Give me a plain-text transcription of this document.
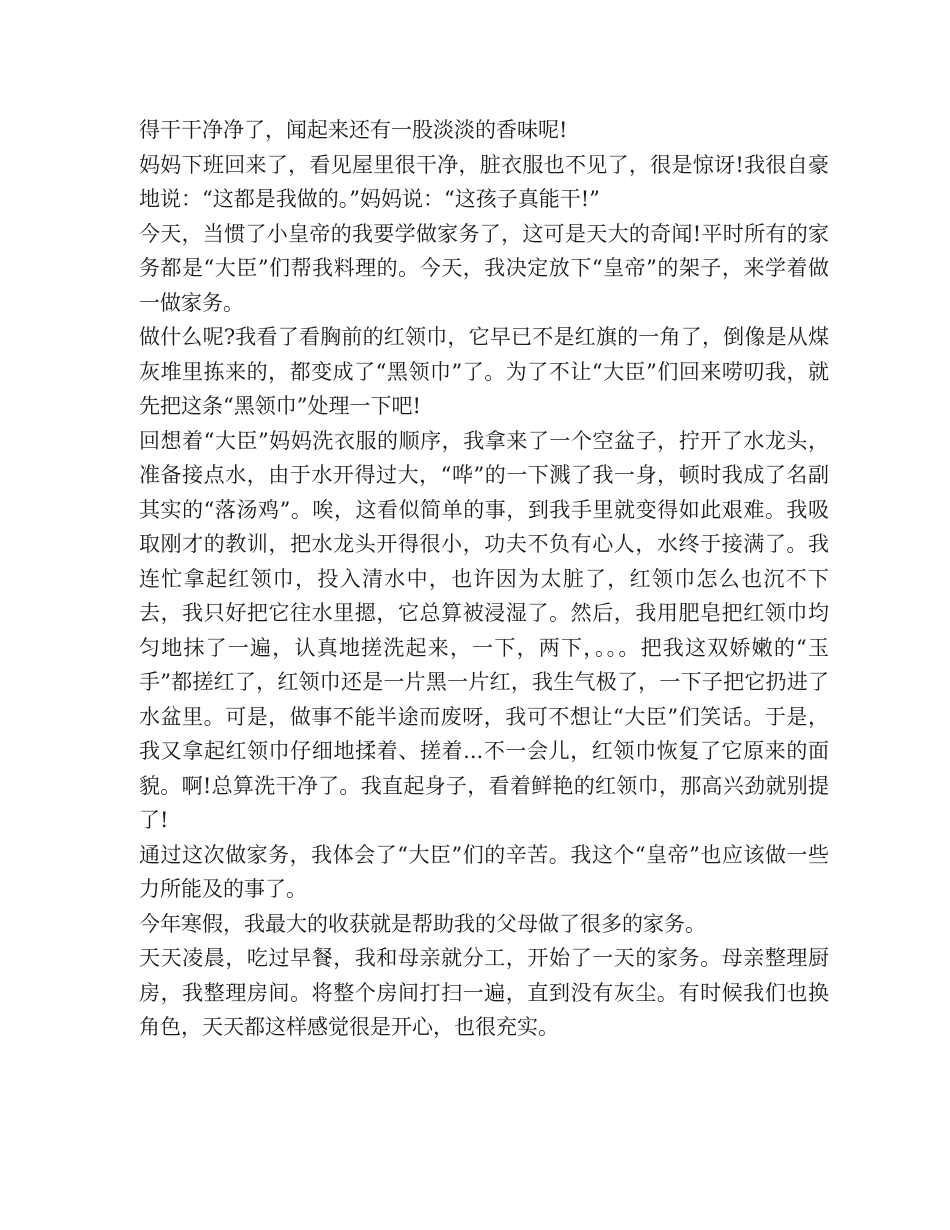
得干干净净了，闻起来还有一股淡淡的香味呢!

妈妈下班回来了，看见屋里很干净，脏衣服也不见了，很是惊讶!我很自豪地说：“这都是我做的。”妈妈说：“这孩子真能干!”

今天，当惯了小皇帝的我要学做家务了，这可是天大的奇闻!平时所有的家务都是“大臣”们帮我料理的。今天，我决定放下“皇帝”的架子，来学着做一做家务。

做什么呢?我看了看胸前的红领巾，它早已不是红旗的一角了，倒像是从煤灰堆里拣来的，都变成了“黑领巾”了。为了不让“大臣”们回来唠叨我，就先把这条“黑领巾”处理一下吧!

回想着“大臣”妈妈洗衣服的顺序，我拿来了一个空盆子，拧开了水龙头，准备接点水，由于水开得过大，“哗”的一下溅了我一身，顿时我成了名副其实的“落汤鸡”。唉，这看似简单的事，到我手里就变得如此艰难。我吸取刚才的教训，把水龙头开得很小，功夫不负有心人，水终于接满了。我连忙拿起红领巾，投入清水中，也许因为太脏了，红领巾怎么也沉不下去，我只好把它往水里摁，它总算被浸湿了。然后，我用肥皂把红领巾均匀地抹了一遍，认真地搓洗起来，一下，两下，。。。把我这双娇嫩的“玉手”都搓红了，红领巾还是一片黑一片红，我生气极了，一下子把它扔进了水盆里。可是，做事不能半途而废呀，我可不想让“大臣”们笑话。于是，我又拿起红领巾仔细地揉着、搓着...不一会儿，红领巾恢复了它原来的面貌。啊!总算洗干净了。我直起身子，看着鲜艳的红领巾，那高兴劲就别提了!

通过这次做家务，我体会了“大臣”们的辛苦。我这个“皇帝”也应该做一些力所能及的事了。

今年寒假，我最大的收获就是帮助我的父母做了很多的家务。

天天凌晨，吃过早餐，我和母亲就分工，开始了一天的家务。母亲整理厨房，我整理房间。将整个房间打扫一遍，直到没有灰尘。有时候我们也换角色，天天都这样感觉很是开心，也很充实。
